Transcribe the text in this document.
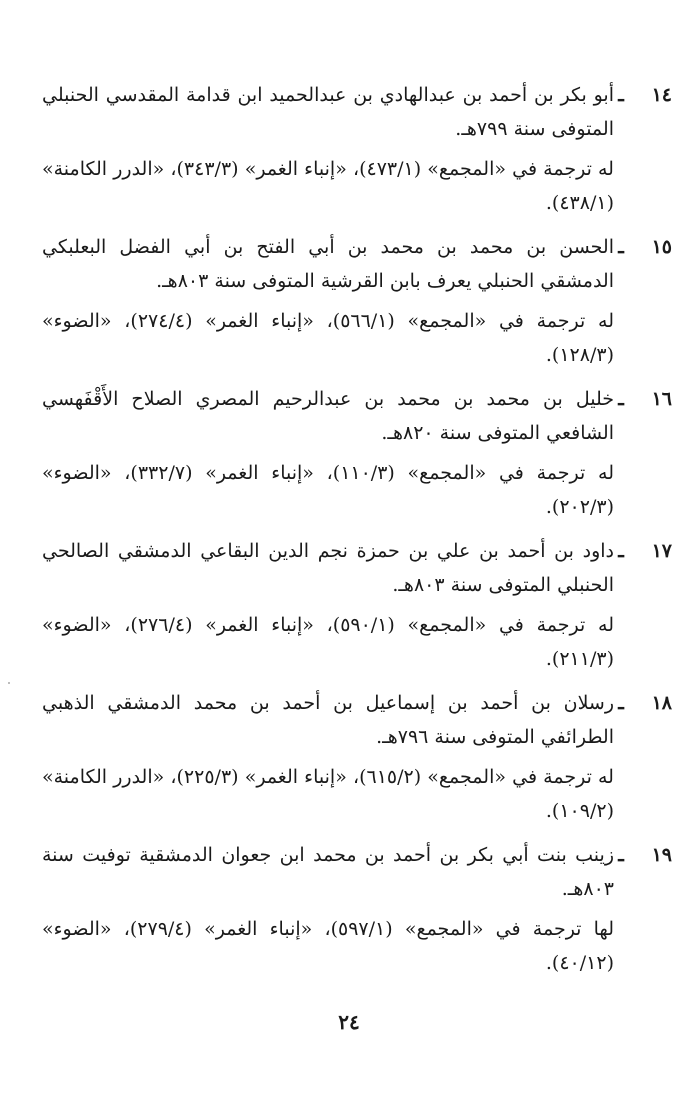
١٤
ـ
أبو بكر بن أحمد بن عبدالهادي بن عبدالحميد ابن قدامة المقدسي الحنبلي المتوفى سنة ٧٩٩هـ.
له ترجمة في «المجمع» (٤٧٣/١)، «إنباء الغمر» (٣٤٣/٣)، «الدرر الكامنة» (٤٣٨/١).
١٥
ـ
الحسن بن محمد بن محمد بن أبي الفتح بن أبي الفضل البعلبكي الدمشقي الحنبلي يعرف بابن القرشية المتوفى سنة ٨٠٣هـ.
له ترجمة في «المجمع» (٥٦٦/١)، «إنباء الغمر» (٢٧٤/٤)، «الضوء» (١٢٨/٣).
١٦
ـ
خليل بن محمد بن محمد بن عبدالرحيم المصري الصلاح الأَقْفَهسي الشافعي المتوفى سنة ٨٢٠هـ.
له ترجمة في «المجمع» (١١٠/٣)، «إنباء الغمر» (٣٣٢/٧)، «الضوء» (٢٠٢/٣).
١٧
ـ
داود بن أحمد بن علي بن حمزة نجم الدين البقاعي الدمشقي الصالحي الحنبلي المتوفى سنة ٨٠٣هـ.
له ترجمة في «المجمع» (٥٩٠/١)، «إنباء الغمر» (٢٧٦/٤)، «الضوء» (٢١١/٣).
١٨
ـ
رسلان بن أحمد بن إسماعيل بن أحمد بن محمد الدمشقي الذهبي الطرائفي المتوفى سنة ٧٩٦هـ.
له ترجمة في «المجمع» (٦١٥/٢)، «إنباء الغمر» (٢٢٥/٣)، «الدرر الكامنة» (١٠٩/٢).
١٩
ـ
زينب بنت أبي بكر بن أحمد بن محمد ابن جعوان الدمشقية توفيت سنة ٨٠٣هـ.
لها ترجمة في «المجمع» (٥٩٧/١)، «إنباء الغمر» (٢٧٩/٤)، «الضوء» (٤٠/١٢).
٢٤
